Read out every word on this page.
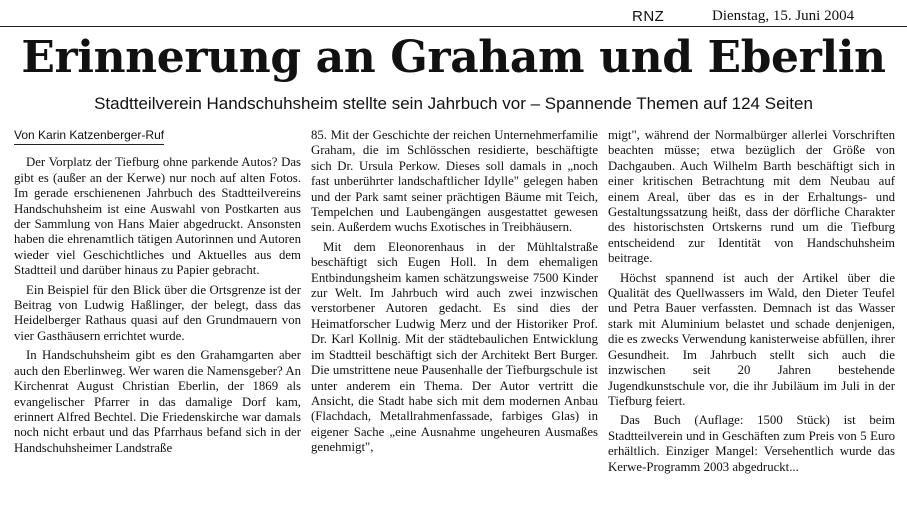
RNZ	Dienstag, 15. Juni 2004
Erinnerung an Graham und Eberlin
Stadtteilverein Handschuhsheim stellte sein Jahrbuch vor – Spannende Themen auf 124 Seiten
Von Karin Katzenberger-Ruf

Der Vorplatz der Tiefburg ohne parkende Autos? Das gibt es (außer an der Kerwe) nur noch auf alten Fotos. Im gerade erschienenen Jahrbuch des Stadtteilvereins Handschuhsheim ist eine Auswahl von Postkarten aus der Sammlung von Hans Maier abgedruckt. Ansonsten haben die ehrenamtlich tätigen Autorinnen und Autoren wieder viel Geschichtliches und Aktuelles aus dem Stadtteil und darüber hinaus zu Papier gebracht.

Ein Beispiel für den Blick über die Ortsgrenze ist der Beitrag von Ludwig Haßlinger, der belegt, dass das Heidelberger Rathaus quasi auf den Grundmauern von vier Gasthäusern errichtet wurde.

In Handschuhsheim gibt es den Grahamgarten aber auch den Eberlinweg. Wer waren die Namensgeber? An Kirchenrat August Christian Eberlin, der 1869 als evangelischer Pfarrer in das damalige Dorf kam, erinnert Alfred Bechtel. Die Friedenskirche war damals noch nicht erbaut und das Pfarrhaus befand sich in der Handschuhsheimer Landstraße

85. Mit der Geschichte der reichen Unternehmerfamilie Graham, die im Schlösschen residierte, beschäftigte sich Dr. Ursula Perkow. Dieses soll damals in „noch fast unberührter landschaftlicher Idylle" gelegen haben und der Park samt seiner prächtigen Bäume mit Teich, Tempelchen und Laubengängen ausgestattet gewesen sein. Außerdem wuchs Exotisches in Treibhäusern.

Mit dem Eleonorenhaus in der Mühltalstraße beschäftigt sich Eugen Holl. In dem ehemaligen Entbindungsheim kamen schätzungsweise 7500 Kinder zur Welt. Im Jahrbuch wird auch zwei inzwischen verstorbener Autoren gedacht. Es sind dies der Heimatforscher Ludwig Merz und der Historiker Prof. Dr. Karl Kollnig. Mit der städtebaulichen Entwicklung im Stadtteil beschäftigt sich der Architekt Bert Burger. Die umstrittene neue Pausenhalle der Tiefburgschule ist unter anderem ein Thema. Der Autor vertritt die Ansicht, die Stadt habe sich mit dem modernen Anbau (Flachdach, Metallrahmenfassade, farbiges Glas) in eigener Sache „eine Ausnahme ungeheuren Ausmaßes genehmigt",

migt", während der Normalbürger allerlei Vorschriften beachten müsse; etwa bezüglich der Größe von Dachgauben. Auch Wilhelm Barth beschäftigt sich in einer kritischen Betrachtung mit dem Neubau auf einem Areal, über das es in der Erhaltungs- und Gestaltungssatzung heißt, dass der dörfliche Charakter des historischsten Ortskerns rund um die Tiefburg entscheidend zur Identität von Handschuhsheim beitrage.

Höchst spannend ist auch der Artikel über die Qualität des Quellwassers im Wald, den Dieter Teufel und Petra Bauer verfassten. Demnach ist das Wasser stark mit Aluminium belastet und schade denjenigen, die es zwecks Verwendung kanisterweise abfüllen, ihrer Gesundheit. Im Jahrbuch stellt sich auch die inzwischen seit 20 Jahren bestehende Jugendkunstschule vor, die ihr Jubiläum im Juli in der Tiefburg feiert.

Das Buch (Auflage: 1500 Stück) ist beim Stadtteilverein und in Geschäften zum Preis von 5 Euro erhältlich. Einziger Mangel: Versehentlich wurde das Kerwe-Programm 2003 abgedruckt...
